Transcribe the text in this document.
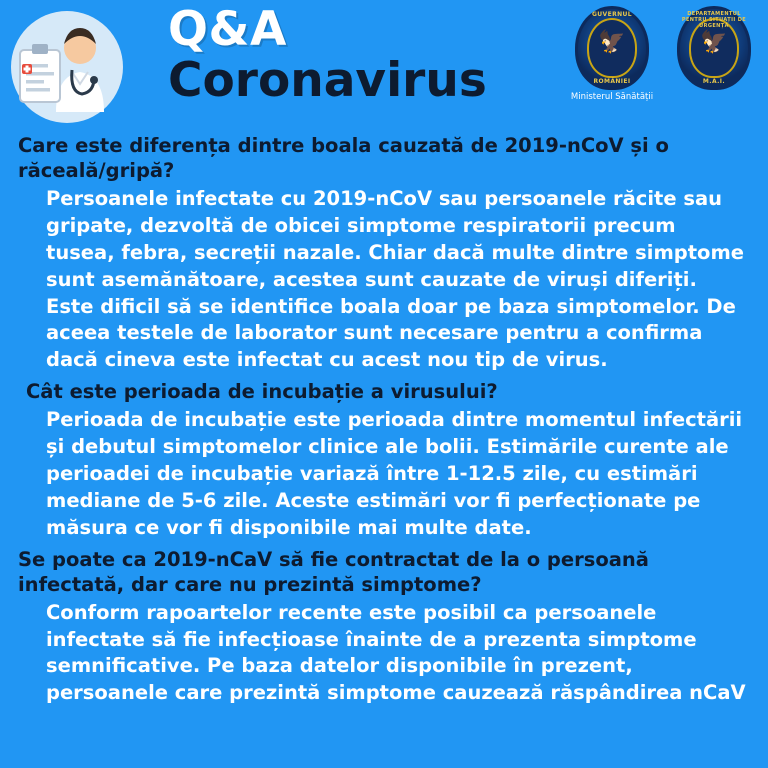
Q&A
Coronavirus
GUVERNUL
🦅
ROMÂNIEI
Ministerul Sănătății
DEPARTAMENTUL PENTRU SITUAȚII DE URGENȚĂ
🦅
M.A.I.

Care este diferența dintre boala cauzată de 2019-nCoV și o răceală/gripă?

Persoanele infectate cu 2019-nCoV sau persoanele răcite sau gripate, dezvoltă de obicei simptome respiratorii precum tusea, febra, secreții nazale. Chiar dacă multe dintre simptome sunt asemănătoare, acestea sunt cauzate de viruși diferiți. Este dificil să se identifice boala doar pe baza simptomelor. De aceea testele de laborator sunt necesare pentru a confirma dacă cineva este infectat cu acest nou tip de virus.

Cât este perioada de incubație a virusului?

Perioada de incubație este perioada dintre momentul infectării și debutul simptomelor clinice ale bolii. Estimările curente ale perioadei de incubație variază între 1-12.5 zile, cu estimări mediane de 5-6 zile. Aceste estimări vor fi perfecționate pe măsura ce vor fi disponibile mai multe date.

Se poate ca 2019-nCaV să fie contractat de la o persoană infectată, dar care nu prezintă simptome?

Conform rapoartelor recente este posibil ca persoanele infectate să fie infecțioase înainte de a prezenta simptome semnificative. Pe baza datelor disponibile în prezent, persoanele care prezintă simptome cauzează răspândirea nCaV
